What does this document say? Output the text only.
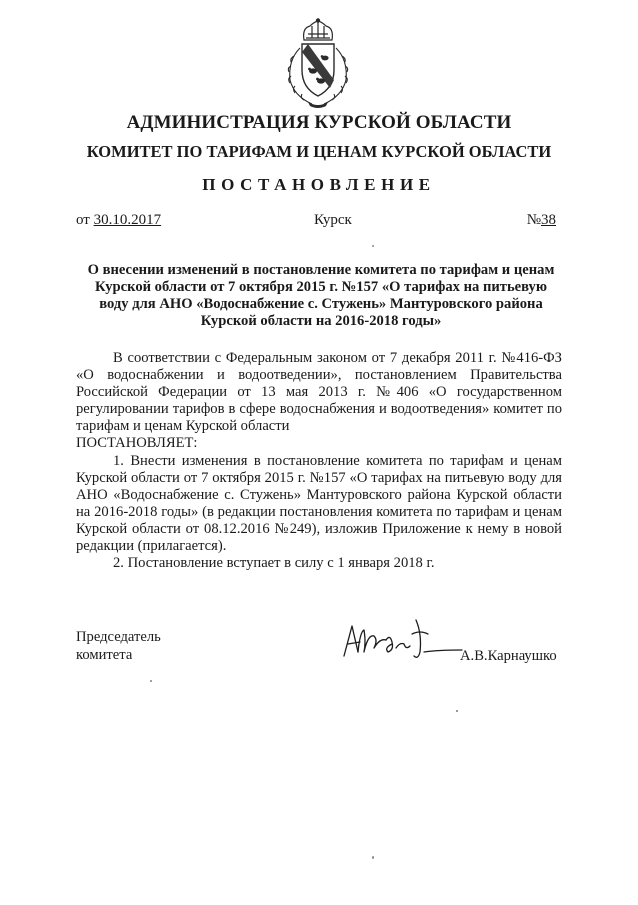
АДМИНИСТРАЦИЯ КУРСКОЙ ОБЛАСТИ
КОМИТЕТ ПО ТАРИФАМ И ЦЕНАМ КУРСКОЙ ОБЛАСТИ
ПОСТАНОВЛЕНИЕ
от 30.10.2017	Курск	№38
О внесении изменений в постановление комитета по тарифам и ценам
Курской области от 7 октября 2015 г. №157 «О тарифах на питьевую
воду для АНО «Водоснабжение с. Стужень» Мантуровского района
Курской области на 2016-2018 годы»

В соответствии с Федеральным законом от 7 декабря 2011 г. №416-ФЗ «О водоснабжении и водоотведении», постановлением Правительства Российской Федерации от 13 мая 2013 г. №406 «О государственном регулировании тарифов в сфере водоснабжения и водоотведения» комитет по тарифам и ценам Курской области

ПОСТАНОВЛЯЕТ:

1. Внести изменения в постановление комитета по тарифам и ценам Курской области от 7 октября 2015 г. №157 «О тарифах на питьевую воду для АНО «Водоснабжение с. Стужень» Мантуровского района Курской области на 2016-2018 годы» (в редакции постановления комитета по тарифам и ценам Курской области от 08.12.2016 №249), изложив Приложение к нему в новой редакции (прилагается).

2. Постановление вступает в силу с 1 января 2018 г.

Председатель
комитета	А.В.Карнаушко
